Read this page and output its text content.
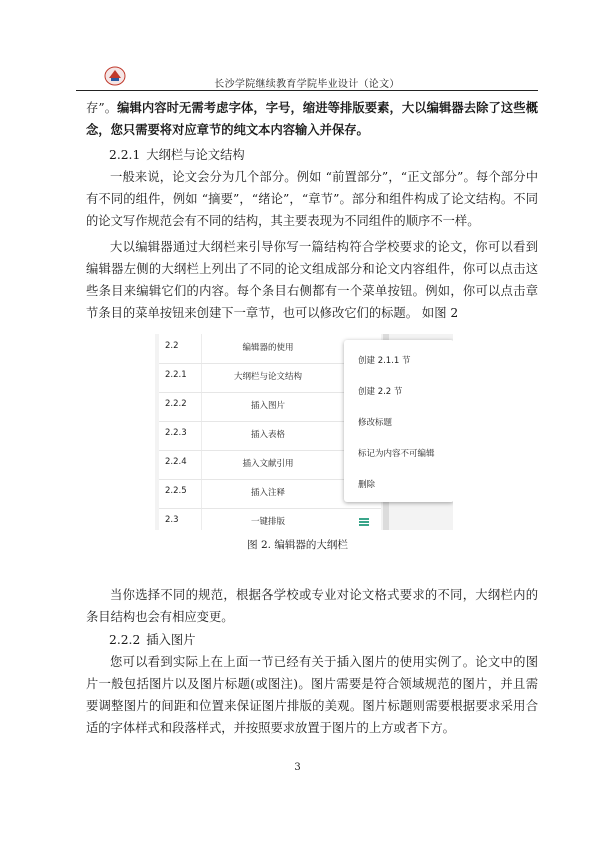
长沙学院继续教育学院毕业设计（论文）

存”。编辑内容时无需考虑字体，字号，缩进等排版要素，大以编辑器去除了这些概念，您只需要将对应章节的纯文本内容输入并保存。

2.2.1 大纲栏与论文结构

一般来说，论文会分为几个部分。例如 “前置部分”，“正文部分”。每个部分中有不同的组件，例如 “摘要”，“绪论”，“章节”。部分和组件构成了论文结构。不同的论文写作规范会有不同的结构，其主要表现为不同组件的顺序不一样。

大以编辑器通过大纲栏来引导你写一篇结构符合学校要求的论文，你可以看到编辑器左侧的大纲栏上列出了不同的论文组成部分和论文内容组件，你可以点击这些条目来编辑它们的内容。每个条目右侧都有一个菜单按钮。例如，你可以点击章节条目的菜单按钮来创建下一章节，也可以修改它们的标题。 如图 2

2.2	编辑器的使用
2.2.1	大纲栏与论文结构
2.2.2	插入图片
2.2.3	插入表格
2.2.4	插入文献引用
2.2.5	插入注释
2.3	一键排版
创建 2.1.1 节
创建 2.2 节
修改标题
标记为内容不可编辑
删除
图 2. 编辑器的大纲栏

当你选择不同的规范，根据各学校或专业对论文格式要求的不同，大纲栏内的条目结构也会有相应变更。

2.2.2 插入图片

您可以看到实际上在上面一节已经有关于插入图片的使用实例了。论文中的图片一般包括图片以及图片标题(或图注)。图片需要是符合领域规范的图片，并且需要调整图片的间距和位置来保证图片排版的美观。图片标题则需要根据要求采用合适的字体样式和段落样式，并按照要求放置于图片的上方或者下方。

3
